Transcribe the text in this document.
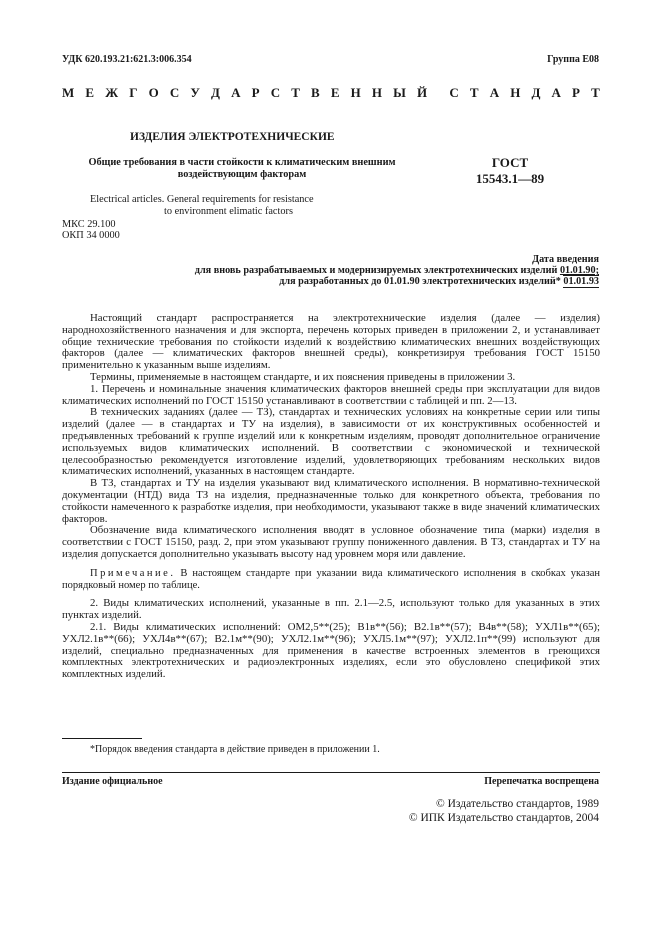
УДК 620.193.21:621.3:006.354	Группа Е08
М Е Ж Г О С У Д А Р С Т В Е Н Н Ы Й С Т А Н Д А Р Т
ИЗДЕЛИЯ ЭЛЕКТРОТЕХНИЧЕСКИЕ
Общие требования в части стойкости к климатическим внешним
воздействующим факторам
ГОСТ
15543.1—89
Electrical articles. General requirements for resistance
to environment elimatic factors
МКС 29.100
ОКП 34 0000
Дата введения
для вновь разрабатываемых и модернизируемых электротехнических изделий 01.01.90;
для разработанных до 01.01.90 электротехнических изделий* 01.01.93

Настоящий стандарт распространяется на электротехнические изделия (далее — изделия) народнохозяйственного назначения и для экспорта, перечень которых приведен в приложении 2, и устанавливает общие технические требования по стойкости изделий к воздействию климатических внешних воздействующих факторов (далее — климатических факторов внешней среды), конкретизируя требования ГОСТ 15150 применительно к указанным выше изделиям.

Термины, применяемые в настоящем стандарте, и их пояснения приведены в приложении 3.

1. Перечень и номинальные значения климатических факторов внешней среды при эксплуатации для видов климатических исполнений по ГОСТ 15150 устанавливают в соответствии с таблицей и пп. 2—13.

В технических заданиях (далее — ТЗ), стандартах и технических условиях на конкретные серии или типы изделий (далее — в стандартах и ТУ на изделия), в зависимости от их конструктивных особенностей и предъявленных требований к группе изделий или к конкретным изделиям, проводят дополнительное ограничение используемых видов климатических исполнений. В соответствии с экономической и технической целесообразностью рекомендуется изготовление изделий, удовлетворяющих требованиям нескольких видов климатических исполнений, указанных в настоящем стандарте.

В ТЗ, стандартах и ТУ на изделия указывают вид климатического исполнения. В нормативно-технической документации (НТД) вида ТЗ на изделия, предназначенные только для конкретного объекта, требования по стойкости намеченного к разработке изделия, при необходимости, указывают также в виде значений климатических факторов.

Обозначение вида климатического исполнения вводят в условное обозначение типа (марки) изделия в соответствии с ГОСТ 15150, разд. 2, при этом указывают группу пониженного давления. В ТЗ, стандартах и ТУ на изделия допускается дополнительно указывать высоту над уровнем моря или давление.

Примечание. В настоящем стандарте при указании вида климатического исполнения в скобках указан порядковый номер по таблице.

2. Виды климатических исполнений, указанные в пп. 2.1—2.5, используют только для указанных в этих пунктах изделий.

2.1. Виды климатических исполнений: ОМ2,5**(25); В1в**(56); В2.1в**(57); В4в**(58); УХЛ1в**(65); УХЛ2.1в**(66); УХЛ4в**(67); В2.1м**(90); УХЛ2.1м**(96); УХЛ5.1м**(97); УХЛ2.1п**(99) используют для изделий, специально предназначенных для применения в качестве встроенных элементов в греющихся комплектных электротехнических и радиоэлектронных изделиях, если это обусловлено спецификой этих комплектных изделий.

*Порядок введения стандарта в действие приведен в приложении 1.
Издание официальное	Перепечатка воспрещена
© Издательство стандартов, 1989
© ИПК Издательство стандартов, 2004
